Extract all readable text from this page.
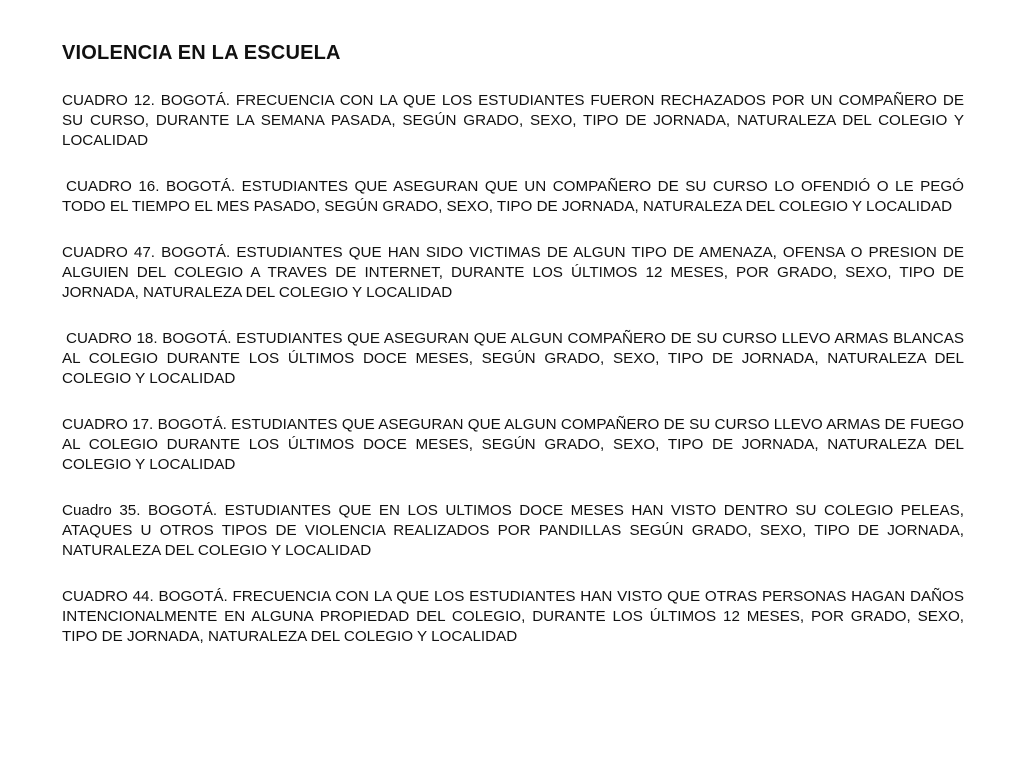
VIOLENCIA EN LA ESCUELA

CUADRO 12. BOGOTÁ. FRECUENCIA CON LA QUE LOS ESTUDIANTES FUERON RECHAZADOS POR UN COMPAÑERO DE SU CURSO, DURANTE LA SEMANA PASADA, SEGÚN GRADO, SEXO, TIPO DE JORNADA, NATURALEZA DEL COLEGIO Y LOCALIDAD

CUADRO 16. BOGOTÁ. ESTUDIANTES QUE ASEGURAN QUE UN COMPAÑERO DE SU CURSO LO OFENDIÓ O LE PEGÓ TODO EL TIEMPO EL MES PASADO, SEGÚN GRADO, SEXO, TIPO DE JORNADA, NATURALEZA DEL COLEGIO Y LOCALIDAD

CUADRO 47. BOGOTÁ. ESTUDIANTES QUE HAN SIDO VICTIMAS DE ALGUN TIPO DE AMENAZA, OFENSA O PRESION DE ALGUIEN DEL COLEGIO A TRAVES DE INTERNET, DURANTE LOS ÚLTIMOS 12 MESES, POR GRADO, SEXO, TIPO DE JORNADA, NATURALEZA DEL COLEGIO Y LOCALIDAD

CUADRO 18. BOGOTÁ. ESTUDIANTES QUE ASEGURAN QUE ALGUN COMPAÑERO DE SU CURSO LLEVO ARMAS BLANCAS AL COLEGIO DURANTE LOS ÚLTIMOS DOCE MESES, SEGÚN GRADO, SEXO, TIPO DE JORNADA, NATURALEZA DEL COLEGIO Y LOCALIDAD

CUADRO 17. BOGOTÁ. ESTUDIANTES QUE ASEGURAN QUE ALGUN COMPAÑERO DE SU CURSO LLEVO ARMAS DE FUEGO AL COLEGIO DURANTE LOS ÚLTIMOS DOCE MESES, SEGÚN GRADO, SEXO, TIPO DE JORNADA, NATURALEZA DEL COLEGIO Y LOCALIDAD

Cuadro 35. BOGOTÁ. ESTUDIANTES QUE EN LOS ULTIMOS DOCE MESES HAN VISTO DENTRO SU COLEGIO PELEAS, ATAQUES U OTROS TIPOS DE VIOLENCIA REALIZADOS POR PANDILLAS SEGÚN GRADO, SEXO, TIPO DE JORNADA, NATURALEZA DEL COLEGIO Y LOCALIDAD

CUADRO 44. BOGOTÁ. FRECUENCIA CON LA QUE LOS ESTUDIANTES HAN VISTO QUE OTRAS PERSONAS HAGAN DAÑOS INTENCIONALMENTE EN ALGUNA PROPIEDAD DEL COLEGIO, DURANTE LOS ÚLTIMOS 12 MESES, POR GRADO, SEXO, TIPO DE JORNADA, NATURALEZA DEL COLEGIO Y LOCALIDAD
